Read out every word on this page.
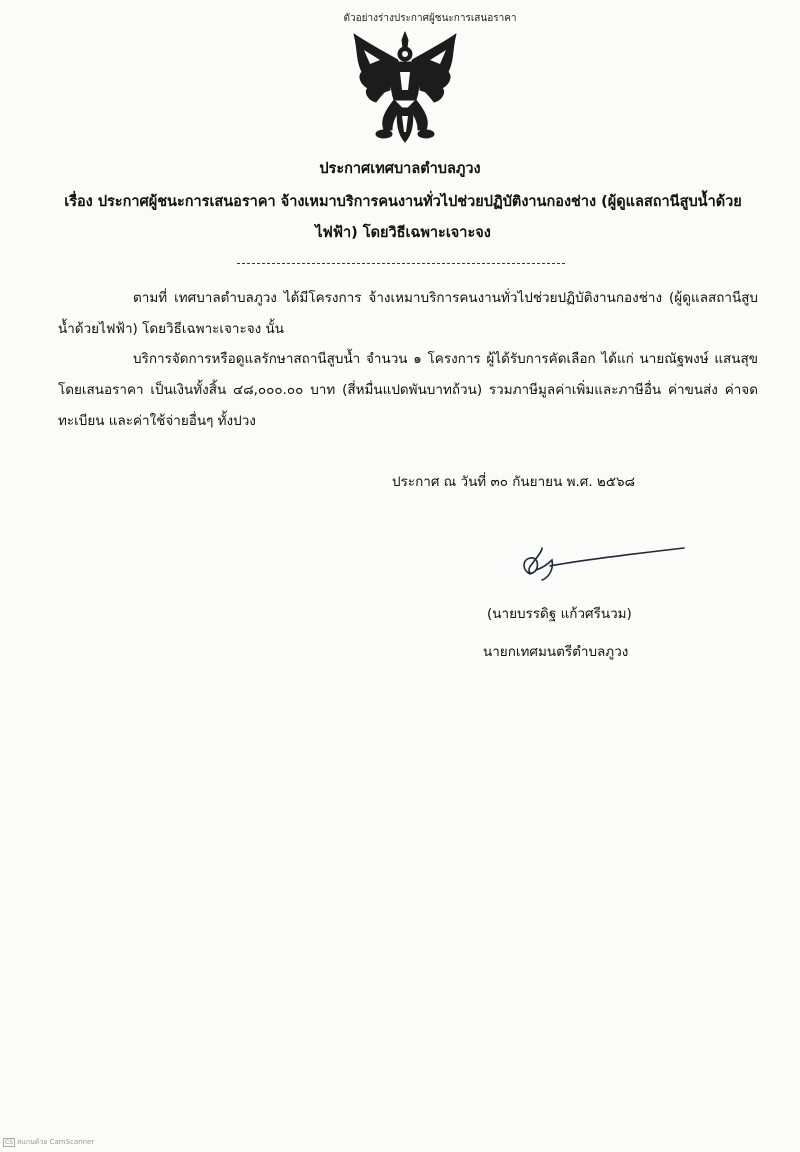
ตัวอย่างร่างประกาศผู้ชนะการเสนอราคา
ประกาศเทศบาลตำบลภูวง
เรื่อง ประกาศผู้ชนะการเสนอราคา จ้างเหมาบริการคนงานทั่วไปช่วยปฏิบัติงานกองช่าง (ผู้ดูแลสถานีสูบน้ำด้วยไฟฟ้า) โดยวิธีเฉพาะเจาะจง
ตามที่ เทศบาลตำบลภูวง ได้มีโครงการ จ้างเหมาบริการคนงานทั่วไปช่วยปฏิบัติงานกองช่าง (ผู้ดูแลสถานีสูบน้ำด้วยไฟฟ้า) โดยวิธีเฉพาะเจาะจง นั้น
บริการจัดการหรือดูแลรักษาสถานีสูบน้ำ จำนวน ๑ โครงการ ผู้ได้รับการคัดเลือก ได้แก่ นายณัฐพงษ์ แสนสุข โดยเสนอราคา เป็นเงินทั้งสิ้น ๔๘,๐๐๐.๐๐ บาท (สี่หมื่นแปดพันบาทถ้วน) รวมภาษีมูลค่าเพิ่มและภาษีอื่น ค่าขนส่ง ค่าจดทะเบียน และค่าใช้จ่ายอื่นๆ ทั้งปวง
ประกาศ ณ วันที่ ๓๐ กันยายน พ.ศ. ๒๕๖๘
(นายบรรดิฐ แก้วศรีนวม)
นายกเทศมนตรีตำบลภูวง
CS สแกนด้วย CamScanner
